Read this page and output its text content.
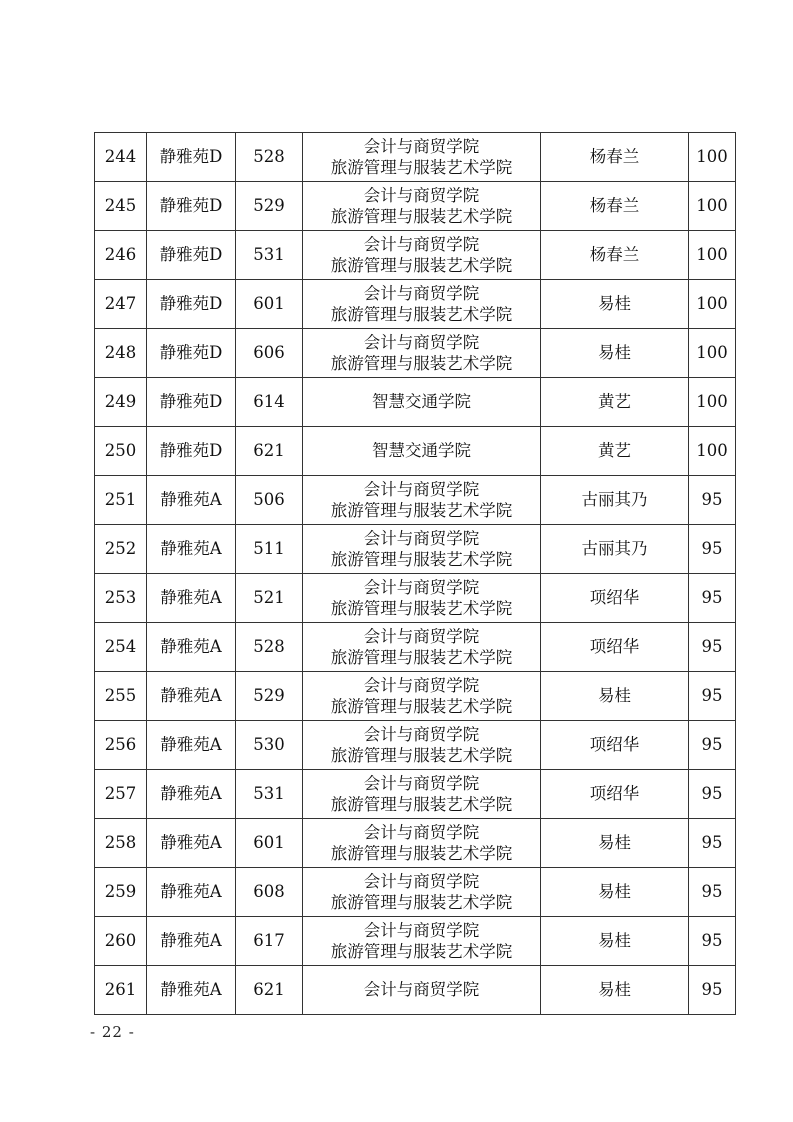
244	静雅苑D	528	会计与商贸学院
旅游管理与服装艺术学院	杨春兰	100
245	静雅苑D	529	会计与商贸学院
旅游管理与服装艺术学院	杨春兰	100
246	静雅苑D	531	会计与商贸学院
旅游管理与服装艺术学院	杨春兰	100
247	静雅苑D	601	会计与商贸学院
旅游管理与服装艺术学院	易桂	100
248	静雅苑D	606	会计与商贸学院
旅游管理与服装艺术学院	易桂	100
249	静雅苑D	614	智慧交通学院	黄艺	100
250	静雅苑D	621	智慧交通学院	黄艺	100
251	静雅苑A	506	会计与商贸学院
旅游管理与服装艺术学院	古丽其乃	95
252	静雅苑A	511	会计与商贸学院
旅游管理与服装艺术学院	古丽其乃	95
253	静雅苑A	521	会计与商贸学院
旅游管理与服装艺术学院	项绍华	95
254	静雅苑A	528	会计与商贸学院
旅游管理与服装艺术学院	项绍华	95
255	静雅苑A	529	会计与商贸学院
旅游管理与服装艺术学院	易桂	95
256	静雅苑A	530	会计与商贸学院
旅游管理与服装艺术学院	项绍华	95
257	静雅苑A	531	会计与商贸学院
旅游管理与服装艺术学院	项绍华	95
258	静雅苑A	601	会计与商贸学院
旅游管理与服装艺术学院	易桂	95
259	静雅苑A	608	会计与商贸学院
旅游管理与服装艺术学院	易桂	95
260	静雅苑A	617	会计与商贸学院
旅游管理与服装艺术学院	易桂	95
261	静雅苑A	621	会计与商贸学院	易桂	95
- 22 -
